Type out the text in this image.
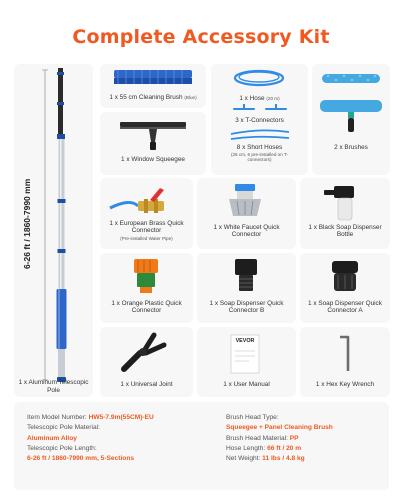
Complete Accessory Kit
6-26 ft / 1860-7990 mm
1 x Aluminum Telescopic Pole
1 x 55 cm Cleaning Brush (Blue)	1 x Hose (20 m)
3 x T-Connectors
8 x Short Hoses
(25 cm, 6 pre-installed on T-connectors)
2 x Brushes
1 x Window Squeegee
1 x European Brass Quick Connector
(Pre-installed Water Pipe)
1 x White Faucet Quick Connector
1 x Black Soap Dispenser Bottle
1 x Orange Plastic Quick Connector
1 x Soap Dispenser Quick Connector B
1 x Soap Dispenser Quick Connector A
1 x Universal Joint
VEVOR
1 x User Manual	1 x Hex Key Wrench
Item Model Number: HW5-7.9m(55CM)-EU
Telescopic Pole Material:
Aluminum Alloy
Telescopic Pole Length:
6-26 ft / 1860-7990 mm, 5-Sections
Brush Head Type:
Squeegee + Panel Cleaning Brush
Brush Head Material: PP
Hose Length: 66 ft / 20 m
Net Weight: 11 lbs / 4.8 kg
